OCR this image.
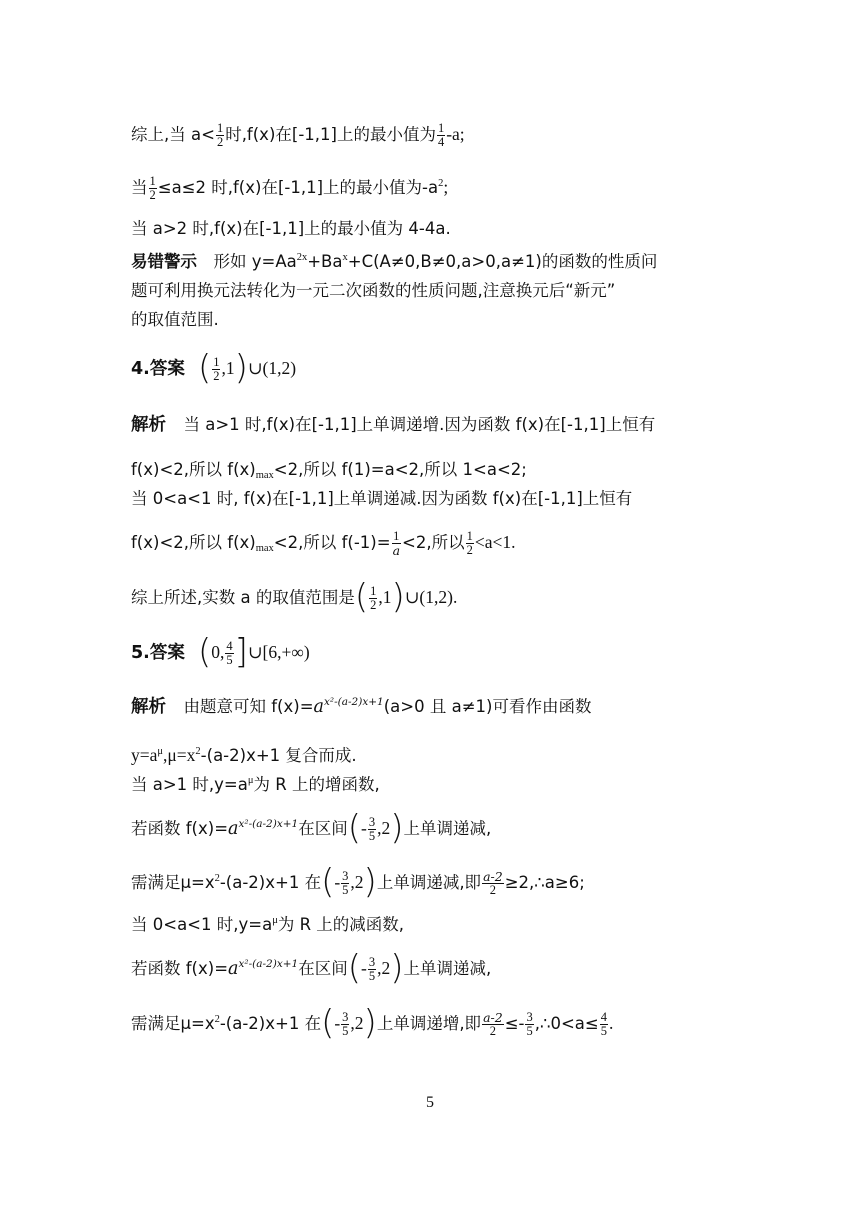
综上,当 $a< \frac{1}{2}$ 时,f(x)在[-1,1]上的最小值为 $\frac{1}{4} -a$;
当 $\frac{1}{2} \le a\le 2$ 时,f(x)在[-1,1]上的最小值为$-a^2$;
当 a>2 时,f(x)在[-1,1]上的最小值为 4-4a.
易错警示 形如 $y=Aa^{2x}+Ba^x+C(A\ne 0,B\ne 0,a>0,a\ne 1)$的函数的性质问
题可利用换元法转化为一元二次函数的性质问题,注意换元后“新元”
的取值范围.
4.答案 ( $\frac{1}{2}$ ,1)∪(1,2)
解析 当 a>1 时,f(x)在[-1,1]上单调递增.因为函数 f(x)在[-1,1]上恒有
f(x)<2,所以 $f(x)_{max}<2$,所以 f(1)=a<2,所以 1<a<2;
当 0<a<1 时, f(x)在[-1,1]上单调递减.因为函数 f(x)在[-1,1]上恒有
f(x)<2,所以 $f(x)_{max}<2$,所以 $f(-1)= \frac{1}{a} <2$,所以 $\frac{1}{2} <a<1$.
综上所述,实数 a 的取值范围是( $\frac{1}{2}$ ,1)∪(1,2).
5.答案 (0, $\frac{4}{5}$ ]∪[6,+∞)
解析 由题意可知 $f(x)=a^{x^2-(a-2)x+1}(a>0$ 且 a≠1)可看作由函数
$y=a^\mu,\mu=x^2-(a-2)x+1$ 复合而成.
当 a>1 时$,y=a^\mu$为 R 上的增函数,
若函数 $f(x)=a^{x^2-(a-2)x+1}$在区间(- $\frac{3}{5} ,2$)上单调递减,
需满足$\mu=x^2-(a-2)x+1$ 在(- $\frac{3}{5} ,2$)上单调递减,即 $\frac{a-2}{2}$ ≥2,∴a≥6;
当 0<a<1 时$,y=a^\mu$为 R 上的减函数,
若函数 $f(x)=a^{x^2-(a-2)x+1}$在区间(- $\frac{3}{5} ,2$)上单调递减,
需满足$\mu=x^2-(a-2)x+1$ 在(- $\frac{3}{5} ,2$)上单调递增,即 $\frac{a-2}{2} \le- \frac{3}{5}$ ,∴0<a≤ $\frac{4}{5}$ .
5
